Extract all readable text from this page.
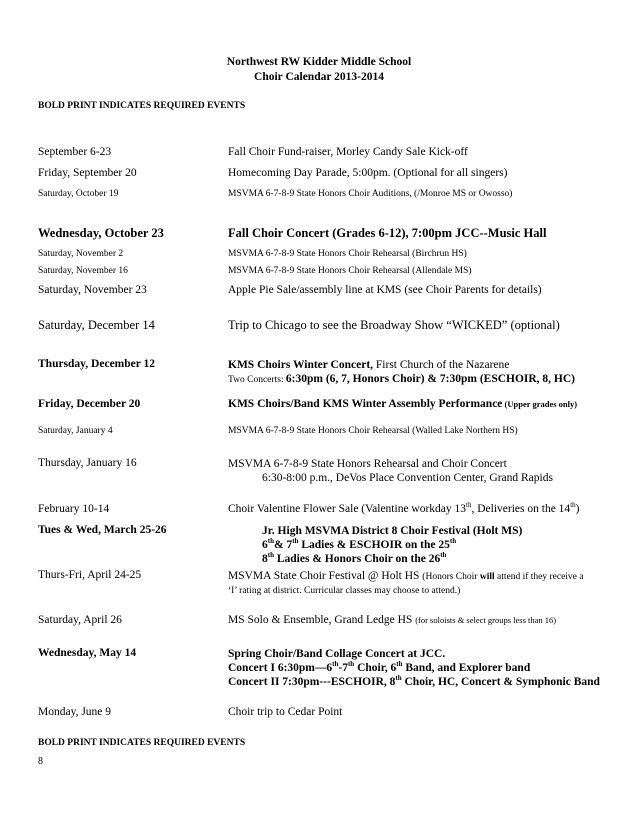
Northwest RW Kidder Middle School
Choir Calendar 2013-2014
BOLD PRINT INDICATES REQUIRED EVENTS
September 6-23	Fall Choir Fund-raiser, Morley Candy Sale Kick-off
Friday, September 20	Homecoming Day Parade, 5:00pm. (Optional for all singers)
Saturday, October 19	MSVMA 6-7-8-9 State Honors Choir Auditions, (/Monroe MS or Owosso)
Wednesday, October 23	Fall Choir Concert (Grades 6-12), 7:00pm JCC--Music Hall
Saturday, November 2	MSVMA 6-7-8-9 State Honors Choir Rehearsal (Birchrun HS)
Saturday, November 16	MSVMA 6-7-8-9 State Honors Choir Rehearsal (Allendale MS)
Saturday, November 23	Apple Pie Sale/assembly line at KMS (see Choir Parents for details)
Saturday, December 14	Trip to Chicago to see the Broadway Show “WICKED” (optional)
Thursday, December 12	KMS Choirs Winter Concert, First Church of the Nazarene
Two Concerts: 6:30pm (6, 7, Honors Choir) & 7:30pm (ESCHOIR, 8, HC)
Friday, December 20	KMS Choirs/Band KMS Winter Assembly Performance (Upper grades only)
Saturday, January 4	MSVMA 6-7-8-9 State Honors Choir Rehearsal (Walled Lake Northern HS)
Thursday, January 16	MSVMA 6-7-8-9 State Honors Rehearsal and Choir Concert
6:30-8:00 p.m., DeVos Place Convention Center, Grand Rapids
February 10-14	Choir Valentine Flower Sale (Valentine workday 13th, Deliveries on the 14th)
Tues & Wed, March 25-26	Jr. High MSVMA District 8 Choir Festival (Holt MS)
6th& 7th Ladies & ESCHOIR on the 25th
8th Ladies & Honors Choir on the 26th
Thurs-Fri, April 24-25	MSVMA State Choir Festival @ Holt HS (Honors Choir will attend if they receive a
‘I’ rating at district. Curricular classes may choose to attend.)
Saturday, April 26	MS Solo & Ensemble, Grand Ledge HS (for soloists & select groups less than 16)
Wednesday, May 14	Spring Choir/Band Collage Concert at JCC.
Concert I 6:30pm—6th-7th Choir, 6th Band, and Explorer band
Concert II 7:30pm---ESCHOIR, 8th Choir, HC, Concert & Symphonic Band
Monday, June 9	Choir trip to Cedar Point
BOLD PRINT INDICATES REQUIRED EVENTS
8
